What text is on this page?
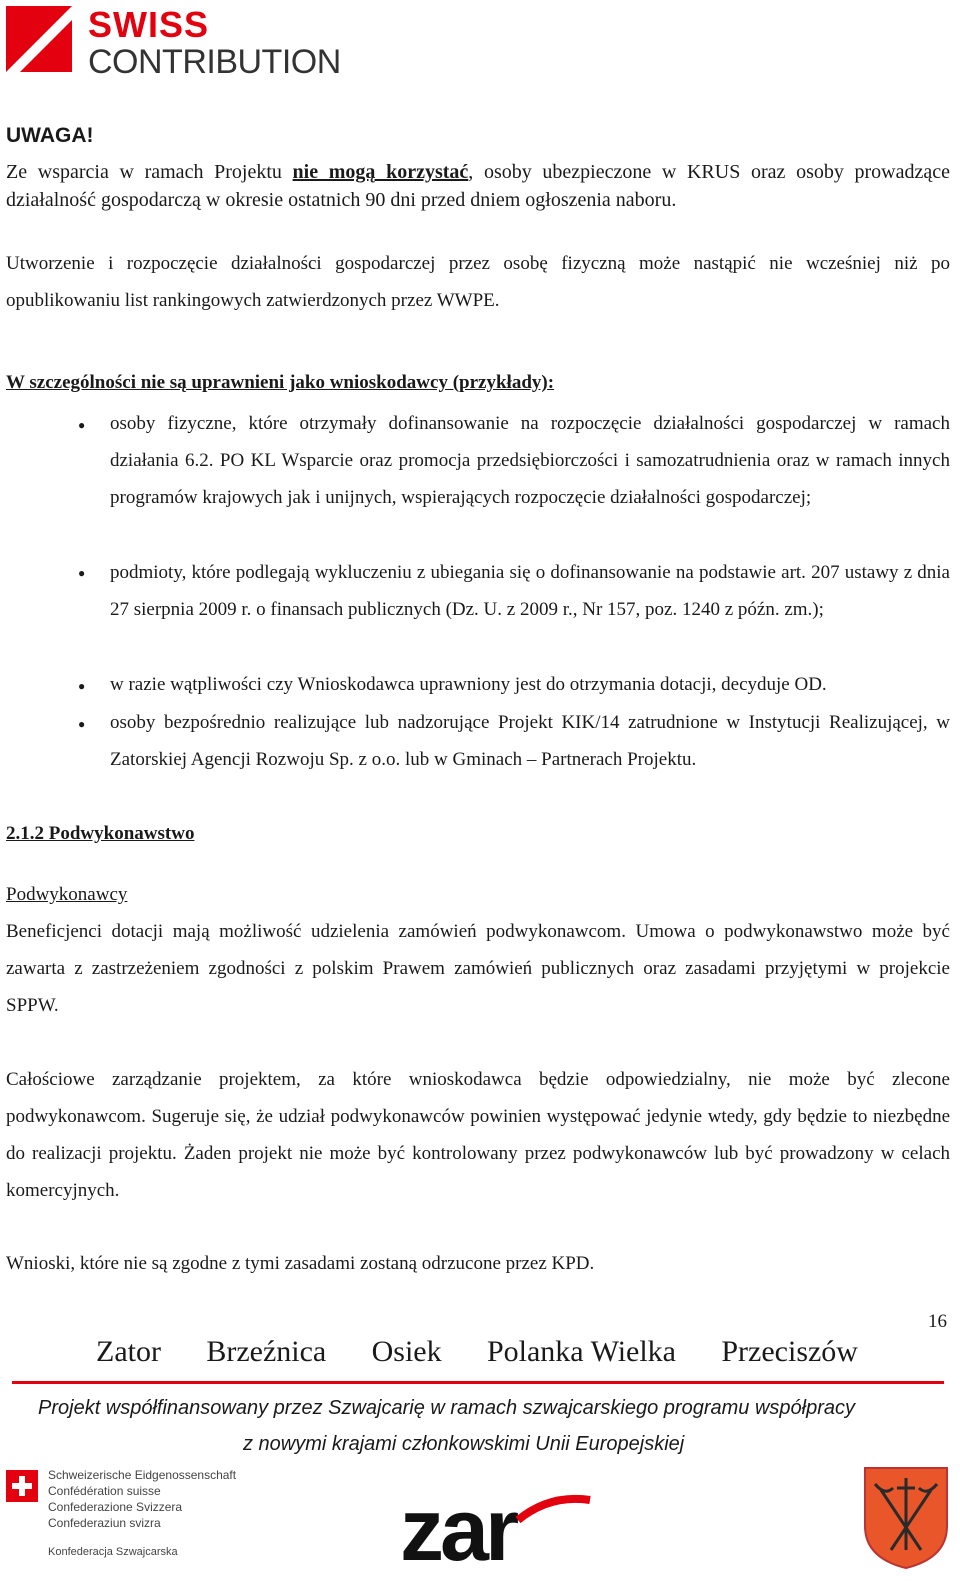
SWISS
CONTRIBUTION
UWAGA!
Ze wsparcia w ramach Projektu nie mogą korzystać, osoby ubezpieczone w KRUS oraz osoby prowadzące działalność gospodarczą w okresie ostatnich 90 dni przed dniem ogłoszenia naboru.
Utworzenie i rozpoczęcie działalności gospodarczej przez osobę fizyczną może nastąpić nie wcześniej niż po opublikowaniu list rankingowych zatwierdzonych przez WWPE.
W szczególności nie są uprawnieni jako wnioskodawcy (przykłady):
● osoby fizyczne, które otrzymały dofinansowanie na rozpoczęcie działalności gospodarczej w ramach działania 6.2. PO KL Wsparcie oraz promocja przedsiębiorczości i samozatrudnienia oraz w ramach innych programów krajowych jak i unijnych, wspierających rozpoczęcie działalności gospodarczej;
● podmioty, które podlegają wykluczeniu z ubiegania się o dofinansowanie na podstawie art. 207 ustawy z dnia 27 sierpnia 2009 r. o finansach publicznych (Dz. U. z 2009 r., Nr 157, poz. 1240 z późn. zm.);
● w razie wątpliwości czy Wnioskodawca uprawniony jest do otrzymania dotacji, decyduje OD.
● osoby bezpośrednio realizujące lub nadzorujące Projekt KIK/14 zatrudnione w Instytucji Realizującej, w Zatorskiej Agencji Rozwoju Sp. z o.o. lub w Gminach – Partnerach Projektu.
2.1.2 Podwykonawstwo
Podwykonawcy
Beneficjenci dotacji mają możliwość udzielenia zamówień podwykonawcom. Umowa o podwykonawstwo może być zawarta z zastrzeżeniem zgodności z polskim Prawem zamówień publicznych oraz zasadami przyjętymi w projekcie SPPW.
Całościowe zarządzanie projektem, za które wnioskodawca będzie odpowiedzialny, nie może być zlecone podwykonawcom. Sugeruje się, że udział podwykonawców powinien występować jedynie wtedy, gdy będzie to niezbędne do realizacji projektu. Żaden projekt nie może być kontrolowany przez podwykonawców lub być prowadzony w celach komercyjnych.
Wnioski, które nie są zgodne z tymi zasadami zostaną odrzucone przez KPD.
16
Zator Brzeźnica Osiek Polanka Wielka Przeciszów
Projekt współfinansowany przez Szwajcarię w ramach szwajcarskiego programu współpracy
z nowymi krajami członkowskimi Unii Europejskiej
Schweizerische Eidgenossenschaft
Confédération suisse
Confederazione Svizzera
Confederaziun svizra
Konfederacja Szwajcarska	zar
